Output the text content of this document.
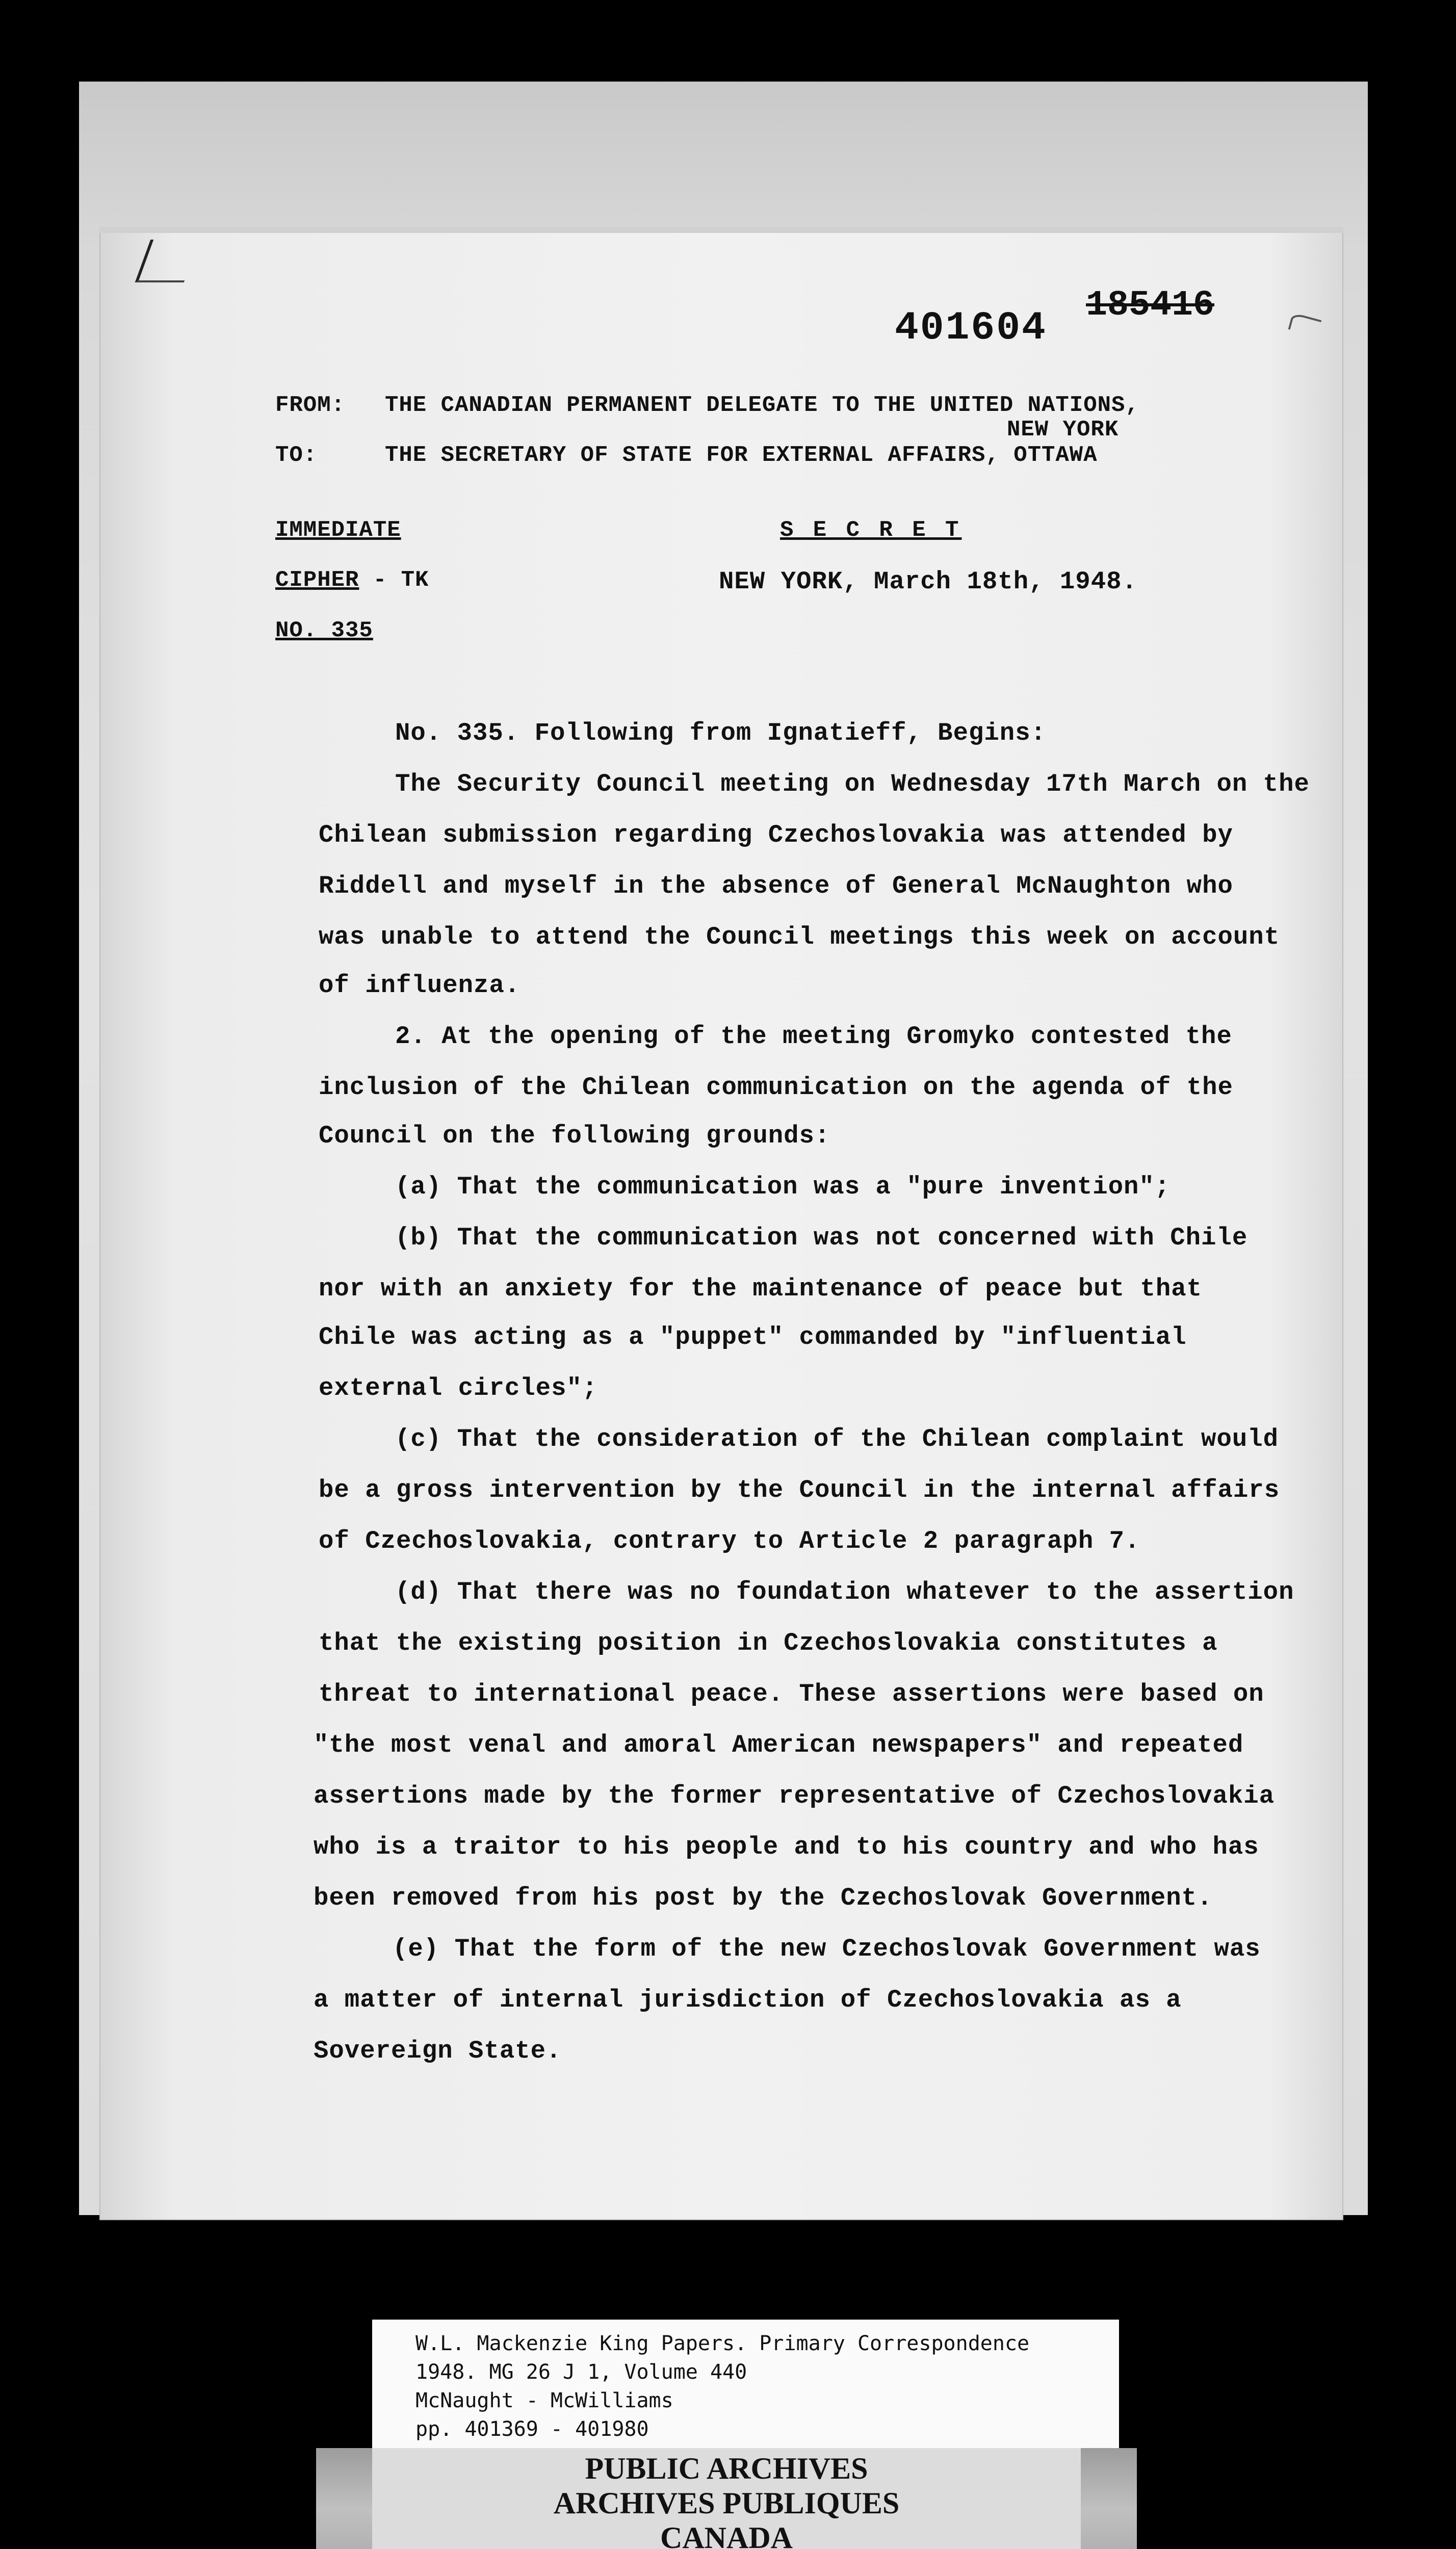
401604
185416
FROM: THE CANADIAN PERMANENT DELEGATE TO THE UNITED NATIONS,
NEW YORK
TO:	THE SECRETARY OF STATE FOR EXTERNAL AFFAIRS, OTTAWA
IMMEDIATE	S E C R E T
CIPHER - TK	NEW YORK, March 18th, 1948.
NO. 335
No. 335. Following from Ignatieff, Begins:
The Security Council meeting on Wednesday 17th March on the
Chilean submission regarding Czechoslovakia was attended by
Riddell and myself in the absence of General McNaughton who
was unable to attend the Council meetings this week on account
of influenza.
2. At the opening of the meeting Gromyko contested the
inclusion of the Chilean communication on the agenda of the
Council on the following grounds:
(a) That the communication was a "pure invention";
(b) That the communication was not concerned with Chile
nor with an anxiety for the maintenance of peace but that
Chile was acting as a "puppet" commanded by "influential
external circles";
(c) That the consideration of the Chilean complaint would
be a gross intervention by the Council in the internal affairs
of Czechoslovakia, contrary to Article 2 paragraph 7.
(d) That there was no foundation whatever to the assertion
that the existing position in Czechoslovakia constitutes a
threat to international peace. These assertions were based on
"the most venal and amoral American newspapers" and repeated
assertions made by the former representative of Czechoslovakia
who is a traitor to his people and to his country and who has
been removed from his post by the Czechoslovak Government.
(e) That the form of the new Czechoslovak Government was
a matter of internal jurisdiction of Czechoslovakia as a
Sovereign State.
W.L. Mackenzie King Papers. Primary Correspondence
1948. MG 26 J 1, Volume 440
McNaught - McWilliams
pp. 401369 - 401980
PUBLIC ARCHIVES
ARCHIVES PUBLIQUES
CANADA
